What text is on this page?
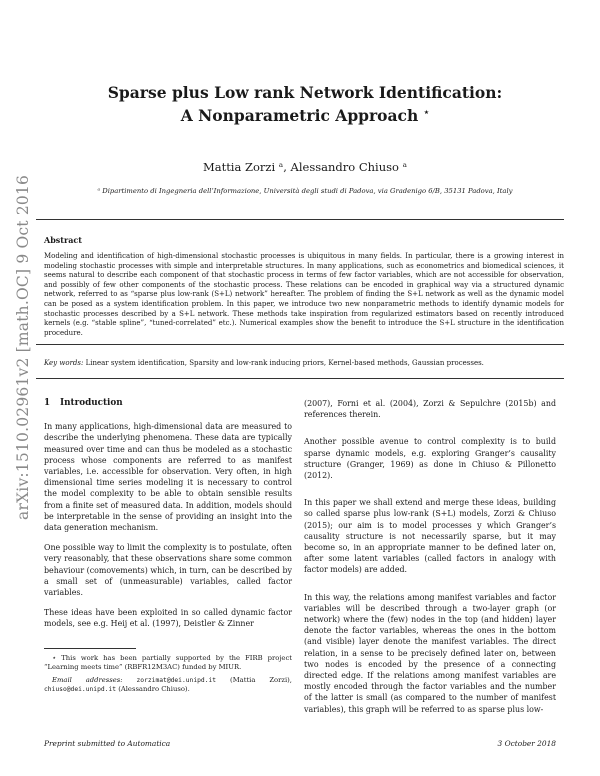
arXiv:1510.02961v2 [math.OC] 9 Oct 2016
Sparse plus Low rank Network Identification:
A Nonparametric Approach ⋆
Mattia Zorzi ᵃ, Alessandro Chiuso ᵃ
ᵃ Dipartimento di Ingegneria dell’Informazione, Università degli studi di Padova, via Gradenigo 6/B, 35131 Padova, Italy
Abstract
Modeling and identification of high-dimensional stochastic processes is ubiquitous in many fields. In particular, there is a growing interest in modeling stochastic processes with simple and interpretable structures. In many applications, such as econometrics and biomedical sciences, it seems natural to describe each component of that stochastic process in terms of few factor variables, which are not accessible for observation, and possibly of few other components of the stochastic process. These relations can be encoded in graphical way via a structured dynamic network, referred to as “sparse plus low-rank (S+L) network” hereafter. The problem of finding the S+L network as well as the dynamic model can be posed as a system identification problem. In this paper, we introduce two new nonparametric methods to identify dynamic models for stochastic processes described by a S+L network. These methods take inspiration from regularized estimators based on recently introduced kernels (e.g. “stable spline”, “tuned-correlated” etc.). Numerical examples show the benefit to introduce the S+L structure in the identification procedure.
Key words: Linear system identification, Sparsity and low-rank inducing priors, Kernel-based methods, Gaussian processes.
1 Introduction

In many applications, high-dimensional data are measured to describe the underlying phenomena. These data are typically measured over time and can thus be modeled as a stochastic process whose components are referred to as manifest variables, i.e. accessible for observation. Very often, in high dimensional time series modeling it is necessary to control the model complexity to be able to obtain sensible results from a finite set of measured data. In addition, models should be interpretable in the sense of providing an insight into the data generation mechanism.

One possible way to limit the complexity is to postulate, often very reasonably, that these observations share some common behaviour (comovements) which, in turn, can be described by a small set of (unmeasurable) variables, called factor variables.

These ideas have been exploited in so called dynamic factor models, see e.g. Heij et al. (1997), Deistler & Zinner

⋆ This work has been partially supported by the FIRB project “Learning meets time” (RBFR12M3AC) funded by MIUR.
Email addresses: zorzimat@dei.unipd.it (Mattia Zorzi), chiuso@dei.unipd.it (Alessandro Chiuso).

(2007), Forni et al. (2004), Zorzi & Sepulchre (2015b) and references therein.

Another possible avenue to control complexity is to build sparse dynamic models, e.g. exploring Granger’s causality structure (Granger, 1969) as done in Chiuso & Pillonetto (2012).

In this paper we shall extend and merge these ideas, building so called sparse plus low-rank (S+L) models, Zorzi & Chiuso (2015); our aim is to model processes y which Granger’s causality structure is not necessarily sparse, but it may become so, in an appropriate manner to be defined later on, after some latent variables (called factors in analogy with factor models) are added.

In this way, the relations among manifest variables and factor variables will be described through a two-layer graph (or network) where the (few) nodes in the top (and hidden) layer denote the factor variables, whereas the ones in the bottom (and visible) layer denote the manifest variables. The direct relation, in a sense to be precisely defined later on, between two nodes is encoded by the presence of a connecting directed edge. If the relations among manifest variables are mostly encoded through the factor variables and the number of the latter is small (as compared to the number of manifest variables), this graph will be referred to as sparse plus low-

Preprint submitted to Automatica	3 October 2018
